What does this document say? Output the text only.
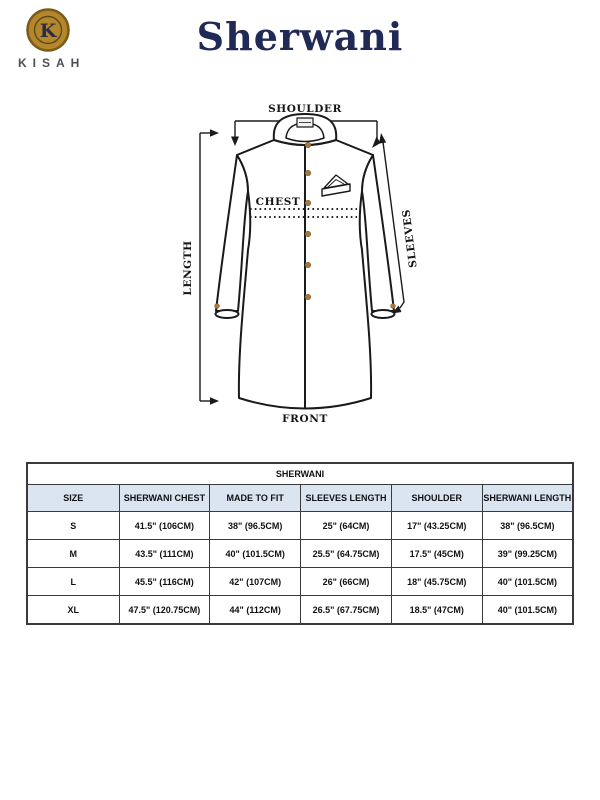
K
KISAH
Sherwani
SHOULDER
CHEST
LENGTH	SLEEVES
FRONT
SHERWANI					
SIZE	SHERWANI CHEST	MADE TO FIT	SLEEVES LENGTH	SHOULDER	SHERWANI LENGTH
S	41.5" (106CM)	38" (96.5CM)	25" (64CM)	17" (43.25CM)	38" (96.5CM)
M	43.5" (111CM)	40" (101.5CM)	25.5" (64.75CM)	17.5" (45CM)	39" (99.25CM)
L	45.5" (116CM)	42" (107CM)	26" (66CM)	18" (45.75CM)	40" (101.5CM)
XL	47.5" (120.75CM)	44" (112CM)	26.5" (67.75CM)	18.5" (47CM)	40" (101.5CM)
